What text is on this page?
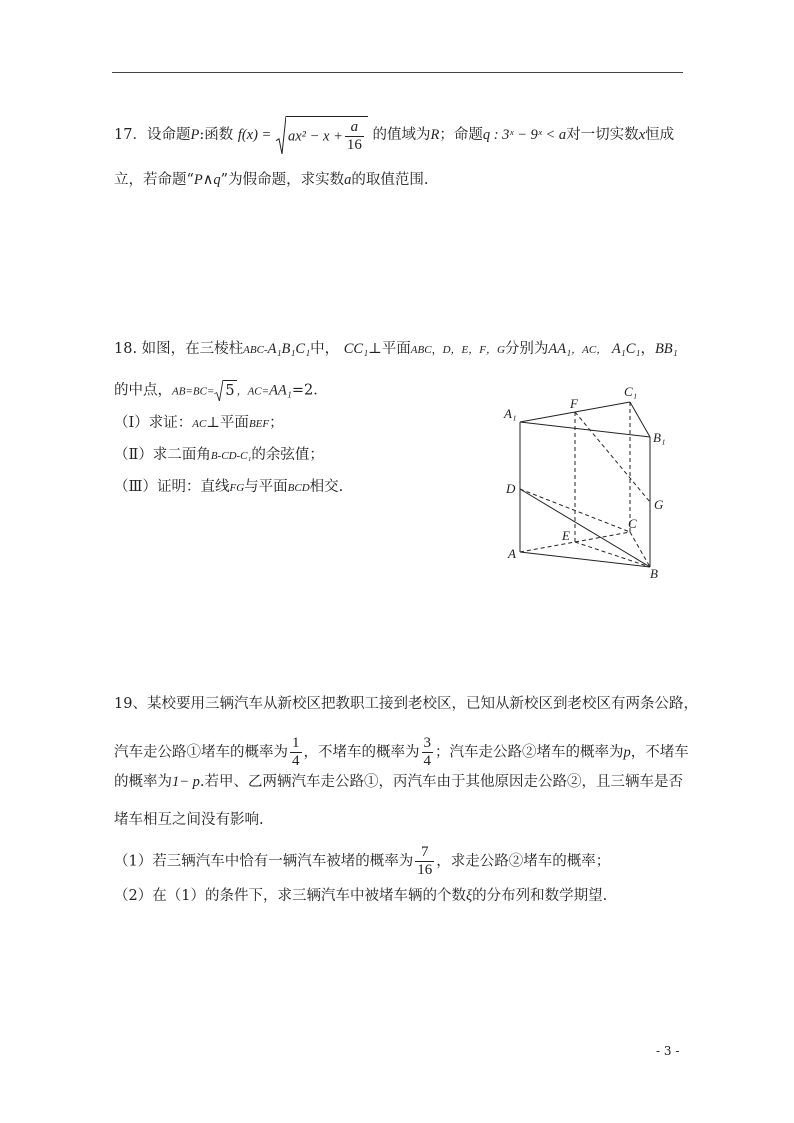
17．设命题P:函数 $f(x) = ax^2 - x + \frac{a}{16}$ 的值域为R；命题q : 3ˣ − 9ˣ < a对一切实数x恒成
立，若命题“P∧q”为假命题，求实数a的取值范围.
18. 如图，在三棱柱ABC-A₁B₁C₁中， CC₁⊥平面ABC，D，E，F，G分别为AA₁，AC， A₁C₁，BB₁
的中点，AB=BC= 5 ，AC=AA₁=2．
（Ⅰ）求证：AC⊥平面BEF；
（Ⅱ）求二面角B-CD-C₁的余弦值；
（Ⅲ）证明：直线FG与平面BCD相交.
A₁
F
C₁
B₁
D
G
C
E
A
B
19、某校要用三辆汽车从新校区把教职工接到老校区，已知从新校区到老校区有两条公路，
汽车走公路①堵车的概率为 $\frac{1}{4}$ ，不堵车的概率为 $\frac{3}{4}$ ；汽车走公路②堵车的概率为p，不堵车
的概率为1− p.若甲、乙两辆汽车走公路①，丙汽车由于其他原因走公路②，且三辆车是否
堵车相互之间没有影响.
（1）若三辆汽车中恰有一辆汽车被堵的概率为 $\frac{7}{16}$ ，求走公路②堵车的概率；
（2）在（1）的条件下，求三辆汽车中被堵车辆的个数ξ的分布列和数学期望.
- 3 -
